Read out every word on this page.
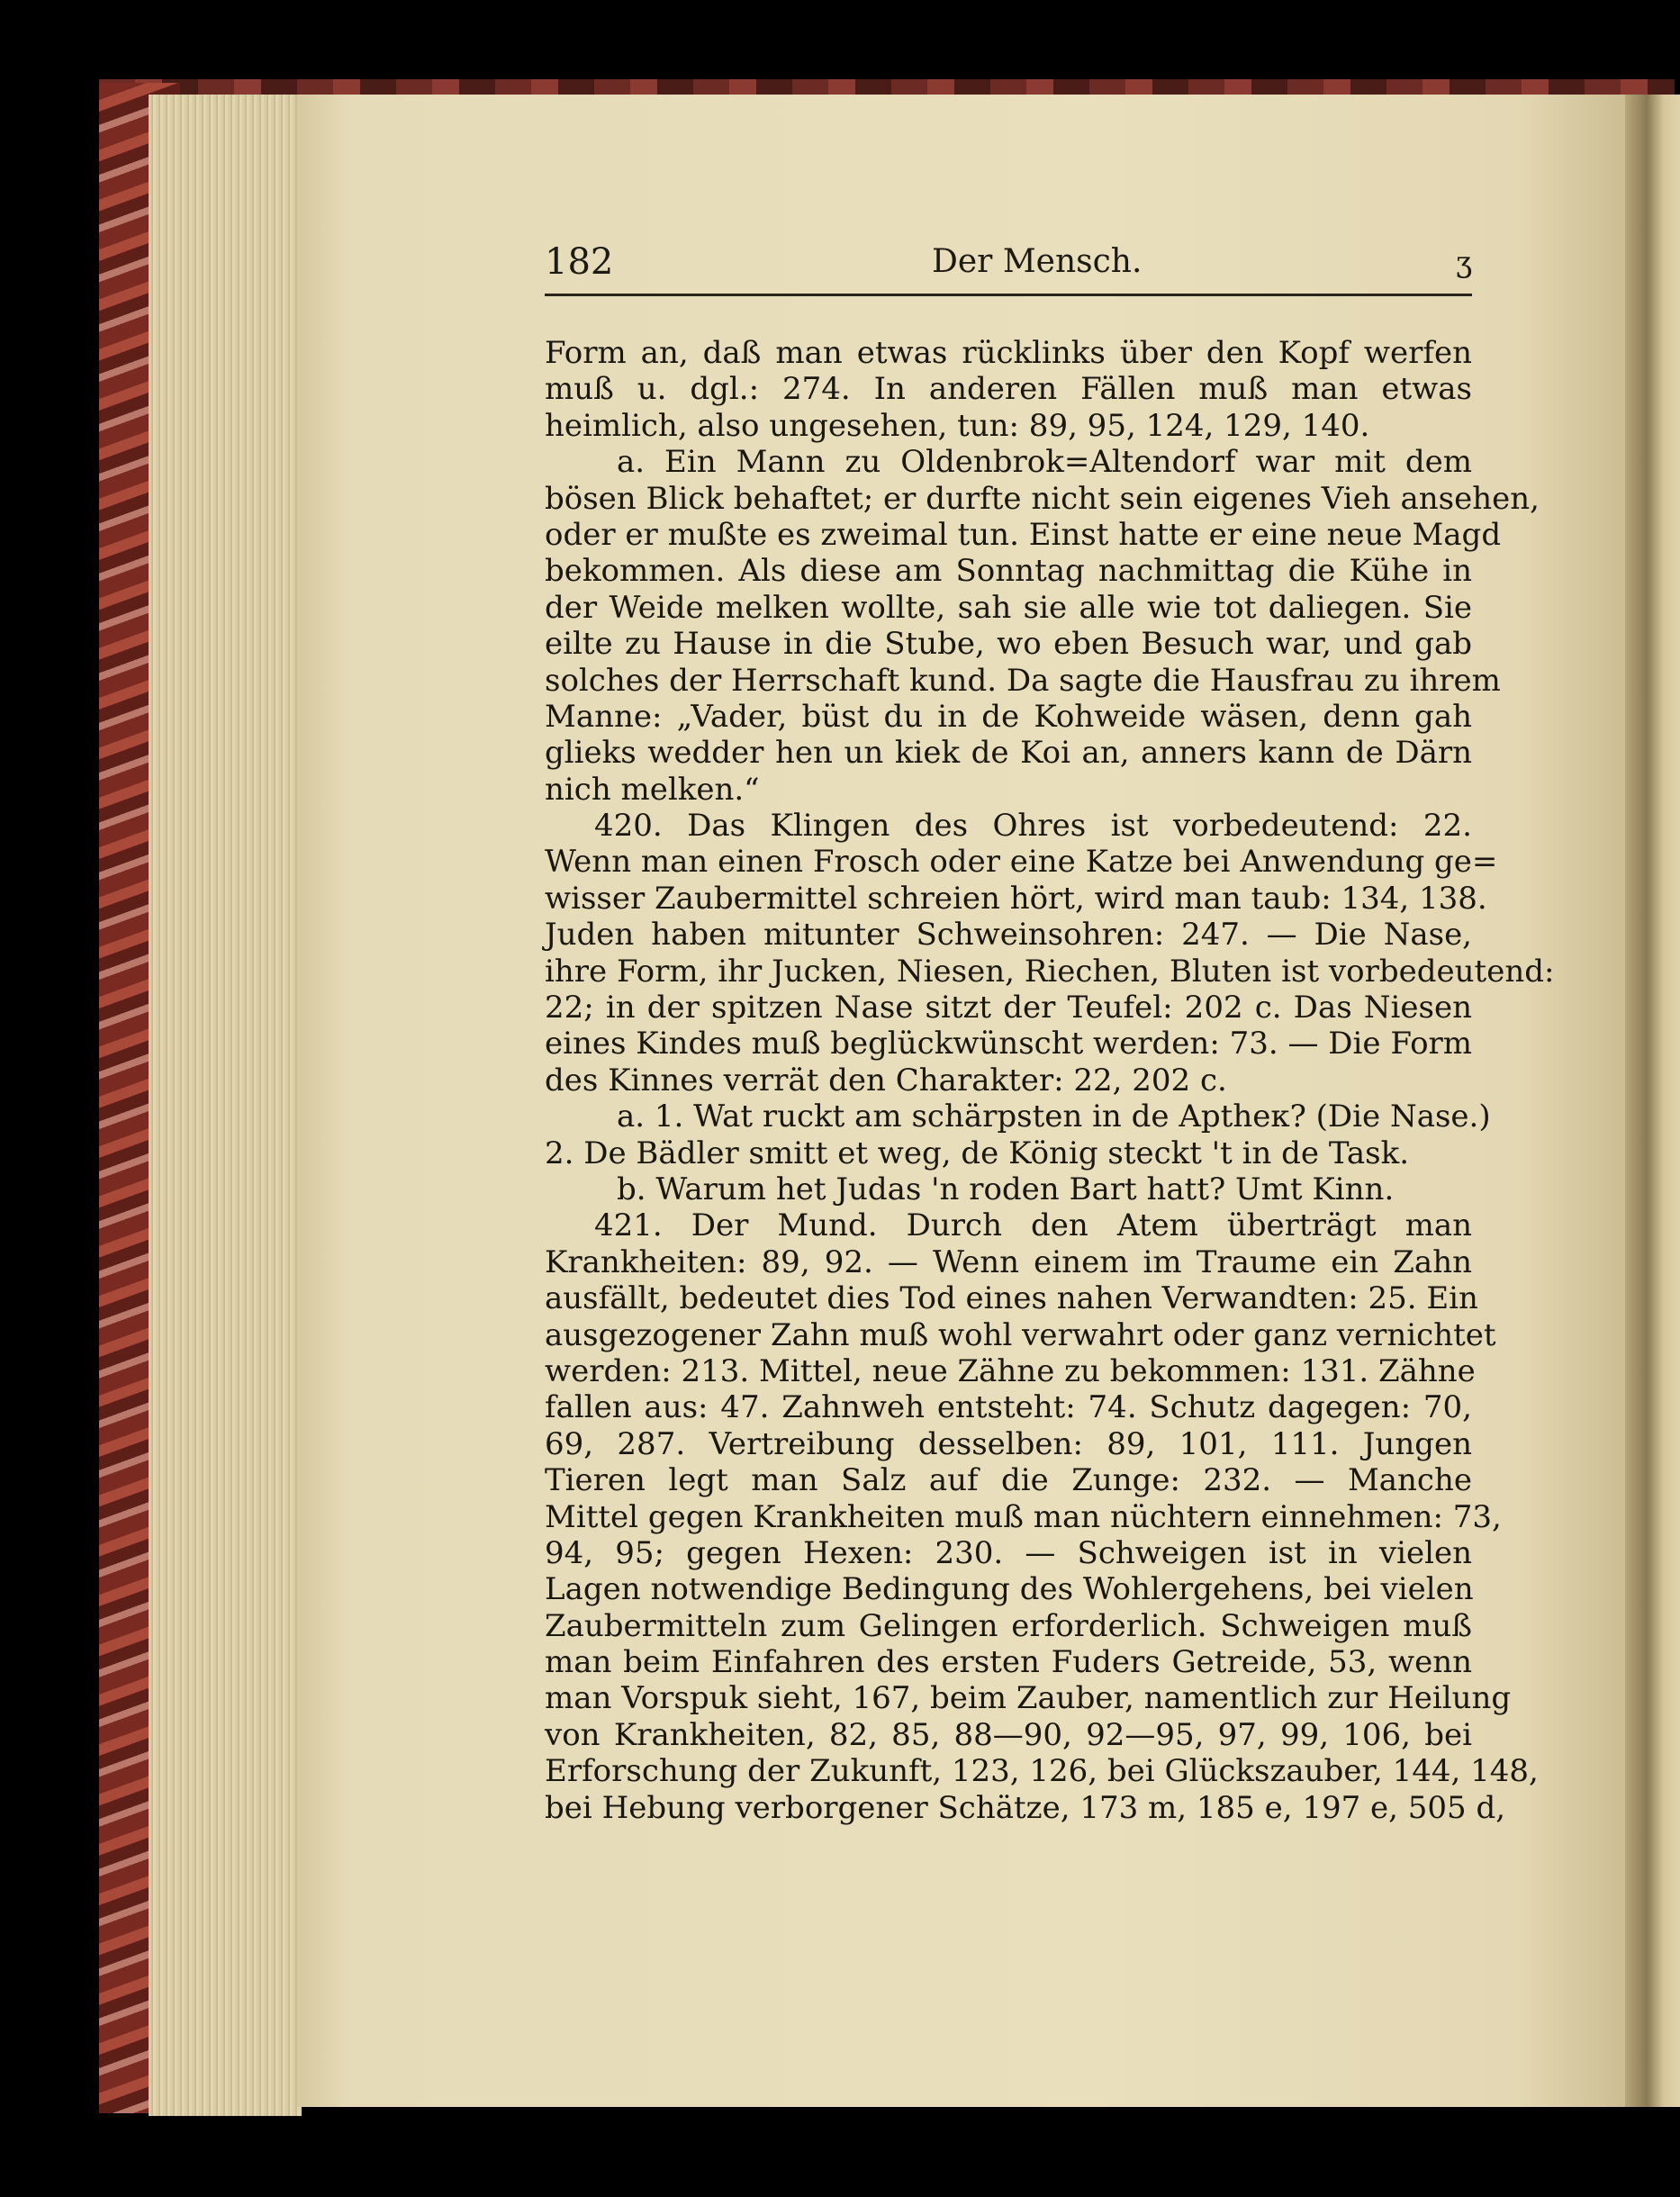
182	Der Mensch.	ʒ
Form an, daß man etwas rücklinks über den Kopf werfen
muß u. dgl.: 274. In anderen Fällen muß man etwas
heimlich, also ungesehen, tun: 89, 95, 124, 129, 140.
a. Ein Mann zu Oldenbrok=Altendorf war mit dem
bösen Blick behaftet; er durfte nicht sein eigenes Vieh ansehen,
oder er mußte es zweimal tun. Einst hatte er eine neue Magd
bekommen. Als diese am Sonntag nachmittag die Kühe in
der Weide melken wollte, sah sie alle wie tot daliegen. Sie
eilte zu Hause in die Stube, wo eben Besuch war, und gab
solches der Herrschaft kund. Da sagte die Hausfrau zu ihrem
Manne: „Vader, büst du in de Kohweide wäsen, denn gah
glieks wedder hen un kiek de Koi an, anners kann de Därn
nich melken.“
420. Das Klingen des Ohres ist vorbedeutend: 22.
Wenn man einen Frosch oder eine Katze bei Anwendung ge=
wisser Zaubermittel schreien hört, wird man taub: 134, 138.
Juden haben mitunter Schweinsohren: 247. — Die Nase,
ihre Form, ihr Jucken, Niesen, Riechen, Bluten ist vorbedeutend:
22; in der spitzen Nase sitzt der Teufel: 202 c. Das Niesen
eines Kindes muß beglückwünscht werden: 73. — Die Form
des Kinnes verrät den Charakter: 22, 202 c.
a. 1. Wat ruckt am schärpsten in de Aptheк? (Die Nase.)
2. De Bädler smitt et weg, de König steckt 't in de Task.
b. Warum het Judas 'n roden Bart hatt? Umt Kinn.
421. Der Mund. Durch den Atem überträgt man
Krankheiten: 89, 92. — Wenn einem im Traume ein Zahn
ausfällt, bedeutet dies Tod eines nahen Verwandten: 25. Ein
ausgezogener Zahn muß wohl verwahrt oder ganz vernichtet
werden: 213. Mittel, neue Zähne zu bekommen: 131. Zähne
fallen aus: 47. Zahnweh entsteht: 74. Schutz dagegen: 70,
69, 287. Vertreibung desselben: 89, 101, 111. Jungen
Tieren legt man Salz auf die Zunge: 232. — Manche
Mittel gegen Krankheiten muß man nüchtern einnehmen: 73,
94, 95; gegen Hexen: 230. — Schweigen ist in vielen
Lagen notwendige Bedingung des Wohlergehens, bei vielen
Zaubermitteln zum Gelingen erforderlich. Schweigen muß
man beim Einfahren des ersten Fuders Getreide, 53, wenn
man Vorspuk sieht, 167, beim Zauber, namentlich zur Heilung
von Krankheiten, 82, 85, 88—90, 92—95, 97, 99, 106, bei
Erforschung der Zukunft, 123, 126, bei Glückszauber, 144, 148,
bei Hebung verborgener Schätze, 173 m, 185 e, 197 e, 505 d,
